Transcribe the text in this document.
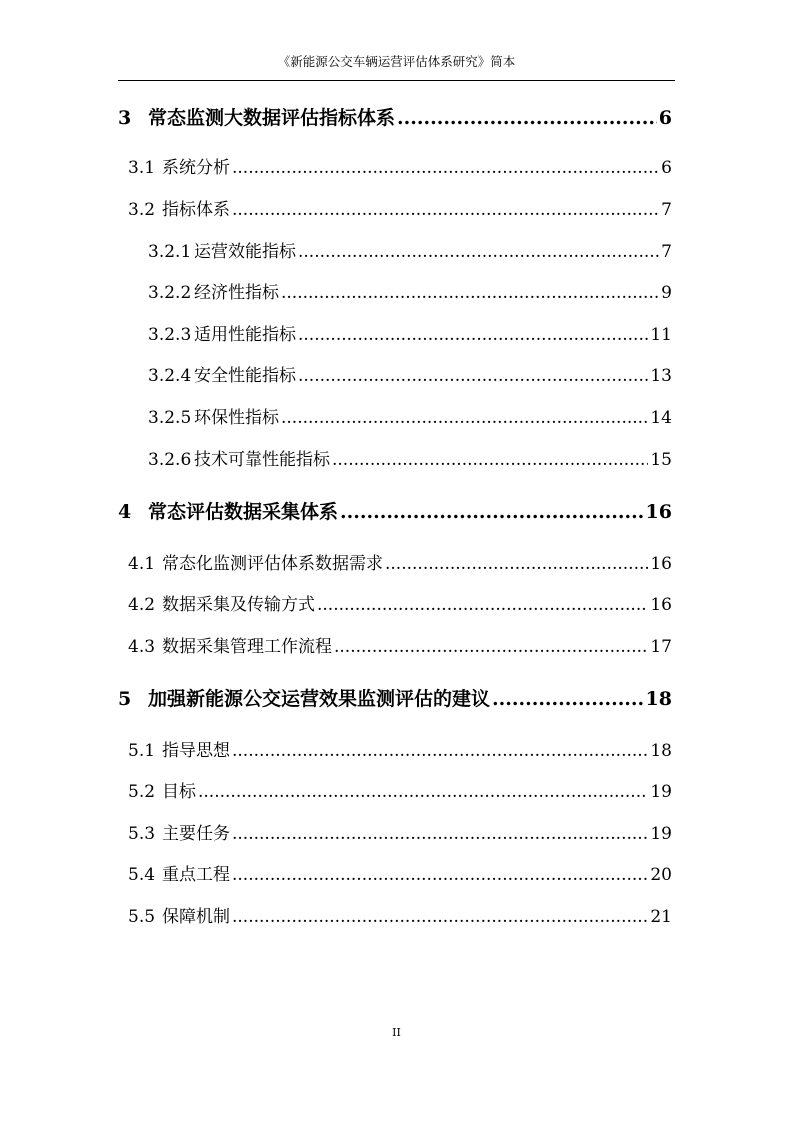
《新能源公交车辆运营评估体系研究》简本
3 常态监测大数据评估指标体系 .....	6
3.1 系统分析 .....	6
3.2 指标体系 .....	7
3.2.1 运营效能指标 .....	7
3.2.2 经济性指标 .....	9
3.2.3 适用性能指标 .....	11
3.2.4 安全性能指标 .....	13
3.2.5 环保性指标 .....	14
3.2.6 技术可靠性能指标 .....	15
4 常态评估数据采集体系 .....	16
4.1 常态化监测评估体系数据需求 .....	16
4.2 数据采集及传输方式 .....	16
4.3 数据采集管理工作流程 .....	17
5 加强新能源公交运营效果监测评估的建议 .....	18
5.1 指导思想 .....	18
5.2 目标 .....	19
5.3 主要任务 .....	19
5.4 重点工程 .....	20
5.5 保障机制 .....	21
II
